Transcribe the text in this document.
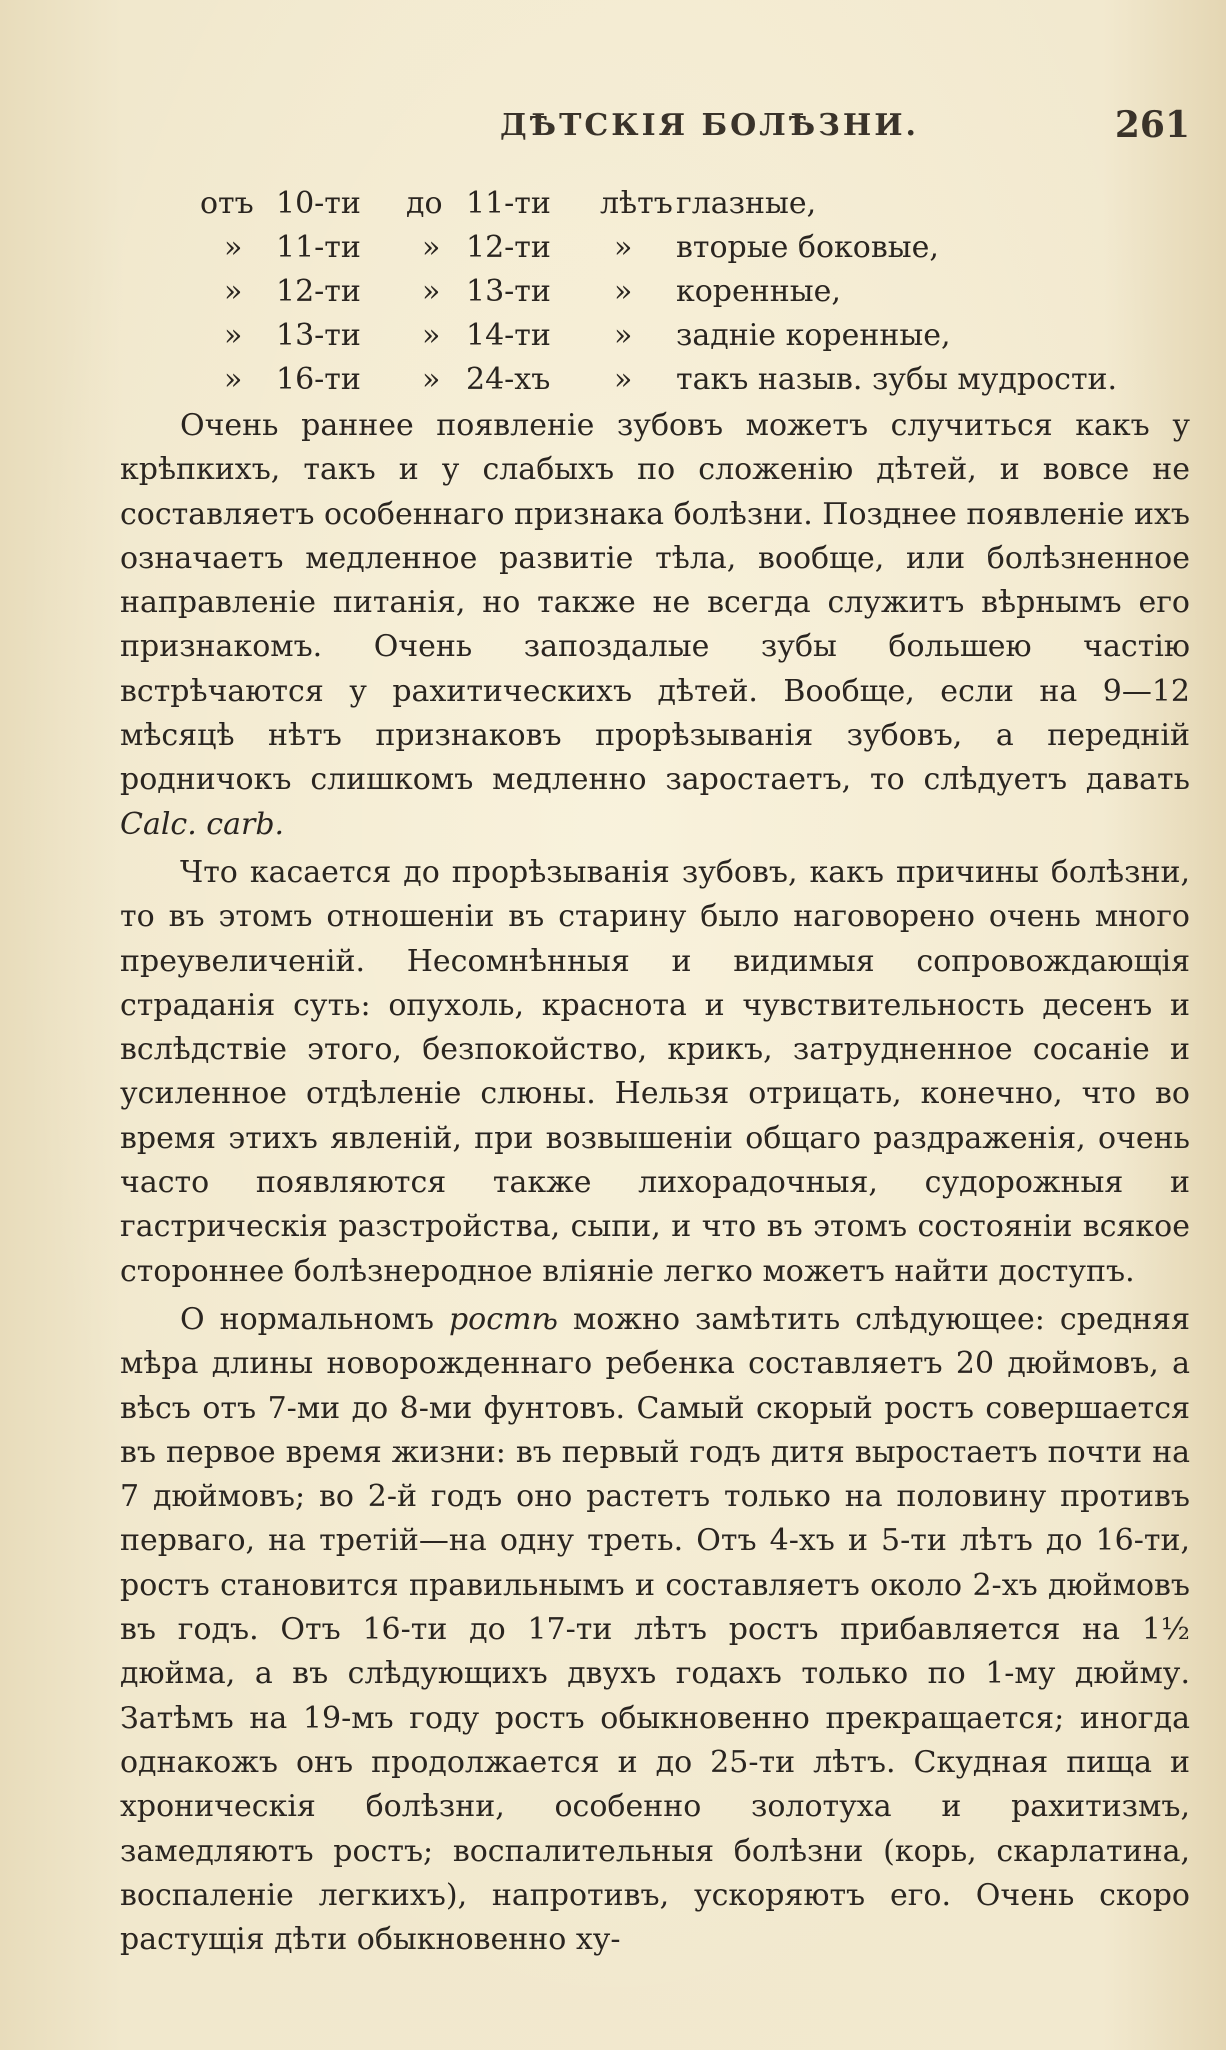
ДѢТСКІЯ БОЛѢЗНИ.	261
отъ 10-ти	до 11-ти	лѣтъ глазные,
»	11-ти	» 12-ти	»	вторые боковые,
»	12-ти	» 13-ти	»	коренные,
»	13-ти	» 14-ти	»	задніе коренные,
»	16-ти	» 24-хъ	»	такъ назыв. зубы мудрости.

Очень раннее появленіе зубовъ можетъ случиться какъ у крѣпкихъ, такъ и у слабыхъ по сложенію дѣтей, и вовсе не составляетъ особеннаго признака болѣзни. Позднее появленіе ихъ означаетъ медленное развитіе тѣла, вообще, или болѣзненное направленіе питанія, но также не всегда служитъ вѣрнымъ его признакомъ. Очень запоздалые зубы большею частію встрѣчаются у рахитическихъ дѣтей. Вообще, если на 9—12 мѣсяцѣ нѣтъ признаковъ прорѣзыванія зубовъ, а передній родничокъ слишкомъ медленно заростаетъ, то слѣдуетъ давать Calc. carb.

Что касается до прорѣзыванія зубовъ, какъ причины болѣзни, то въ этомъ отношеніи въ старину было наговорено очень много преувеличеній. Несомнѣнныя и видимыя сопровождающія страданія суть: опухоль, краснота и чувствительность десенъ и вслѣдствіе этого, безпокойство, крикъ, затрудненное сосаніе и усиленное отдѣленіе слюны. Нельзя отрицать, конечно, что во время этихъ явленій, при возвышеніи общаго раздраженія, очень часто появляются также лихорадочныя, судорожныя и гастрическія разстройства, сыпи, и что въ этомъ состояніи всякое стороннее болѣзнеродное вліяніе легко можетъ найти доступъ.

О нормальномъ ростѣ можно замѣтить слѣдующее: средняя мѣра длины новорожденнаго ребенка составляетъ 20 дюймовъ, а вѣсъ отъ 7-ми до 8-ми фунтовъ. Самый скорый ростъ совершается въ первое время жизни: въ первый годъ дитя выростаетъ почти на 7 дюймовъ; во 2-й годъ оно растетъ только на половину противъ перваго, на третій—на одну треть. Отъ 4-хъ и 5-ти лѣтъ до 16-ти, ростъ становится правильнымъ и составляетъ около 2-хъ дюймовъ въ годъ. Отъ 16-ти до 17-ти лѣтъ ростъ прибавляется на 1½ дюйма, а въ слѣдующихъ двухъ годахъ только по 1-му дюйму. Затѣмъ на 19-мъ году ростъ обыкновенно прекращается; иногда однакожъ онъ продолжается и до 25-ти лѣтъ. Скудная пища и хроническія болѣзни, особенно золотуха и рахитизмъ, замедляютъ ростъ; воспалительныя болѣзни (корь, скарлатина, воспаленіе легкихъ), напротивъ, ускоряютъ его. Очень скоро растущія дѣти обыкновенно ху-
